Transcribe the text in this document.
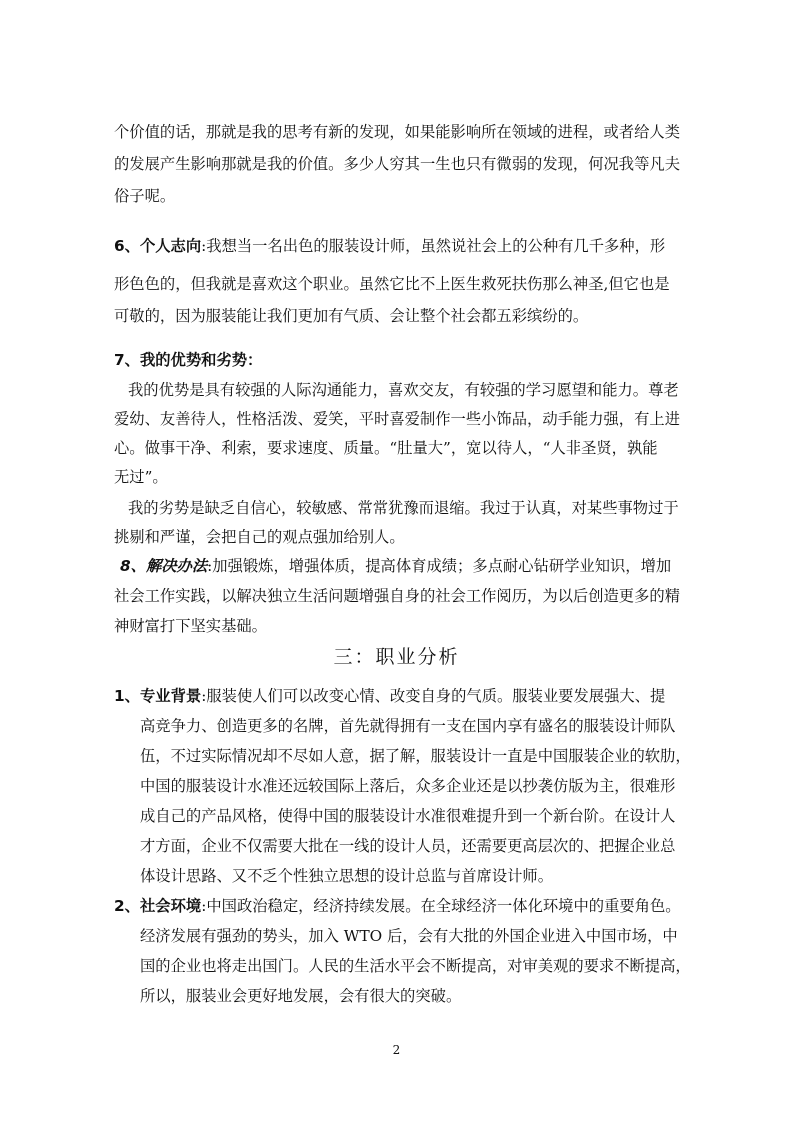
个价值的话，那就是我的思考有新的发现，如果能影响所在领域的进程，或者给人类
的发展产生影响那就是我的价值。多少人穷其一生也只有微弱的发现，何况我等凡夫
俗子呢。
6、个人志向:我想当一名出色的服装设计师，虽然说社会上的公种有几千多种，形
形色色的，但我就是喜欢这个职业。虽然它比不上医生救死扶伤那么神圣,但它也是
可敬的，因为服装能让我们更加有气质、会让整个社会都五彩缤纷的。
7、我的优势和劣势：
我的优势是具有较强的人际沟通能力，喜欢交友，有较强的学习愿望和能力。尊老
爱幼、友善待人，性格活泼、爱笑，平时喜爱制作一些小饰品，动手能力强，有上进
心。做事干净、利索，要求速度、质量。“肚量大”，宽以待人，“人非圣贤，孰能
无过”。
我的劣势是缺乏自信心，较敏感、常常犹豫而退缩。我过于认真，对某些事物过于
挑剔和严谨，会把自己的观点强加给别人。
8、解决办法:加强锻炼，增强体质，提高体育成绩；多点耐心钻研学业知识，增加
社会工作实践，以解决独立生活问题增强自身的社会工作阅历，为以后创造更多的精
神财富打下坚实基础。
三：职业分析
1、 专业背景:服装使人们可以改变心情、改变自身的气质。服装业要发展强大、提
高竞争力、创造更多的名牌，首先就得拥有一支在国内享有盛名的服装设计师队
伍，不过实际情况却不尽如人意，据了解，服装设计一直是中国服装企业的软肋，
中国的服装设计水准还远较国际上落后，众多企业还是以抄袭仿版为主，很难形
成自己的产品风格，使得中国的服装设计水准很难提升到一个新台阶。在设计人
才方面，企业不仅需要大批在一线的设计人员，还需要更高层次的、把握企业总
体设计思路、又不乏个性独立思想的设计总监与首席设计师。
2、 社会环境:中国政治稳定，经济持续发展。在全球经济一体化环境中的重要角色。
经济发展有强劲的势头，加入 WTO 后，会有大批的外国企业进入中国市场，中
国的企业也将走出国门。人民的生活水平会不断提高，对审美观的要求不断提高，
所以，服装业会更好地发展，会有很大的突破。
2
